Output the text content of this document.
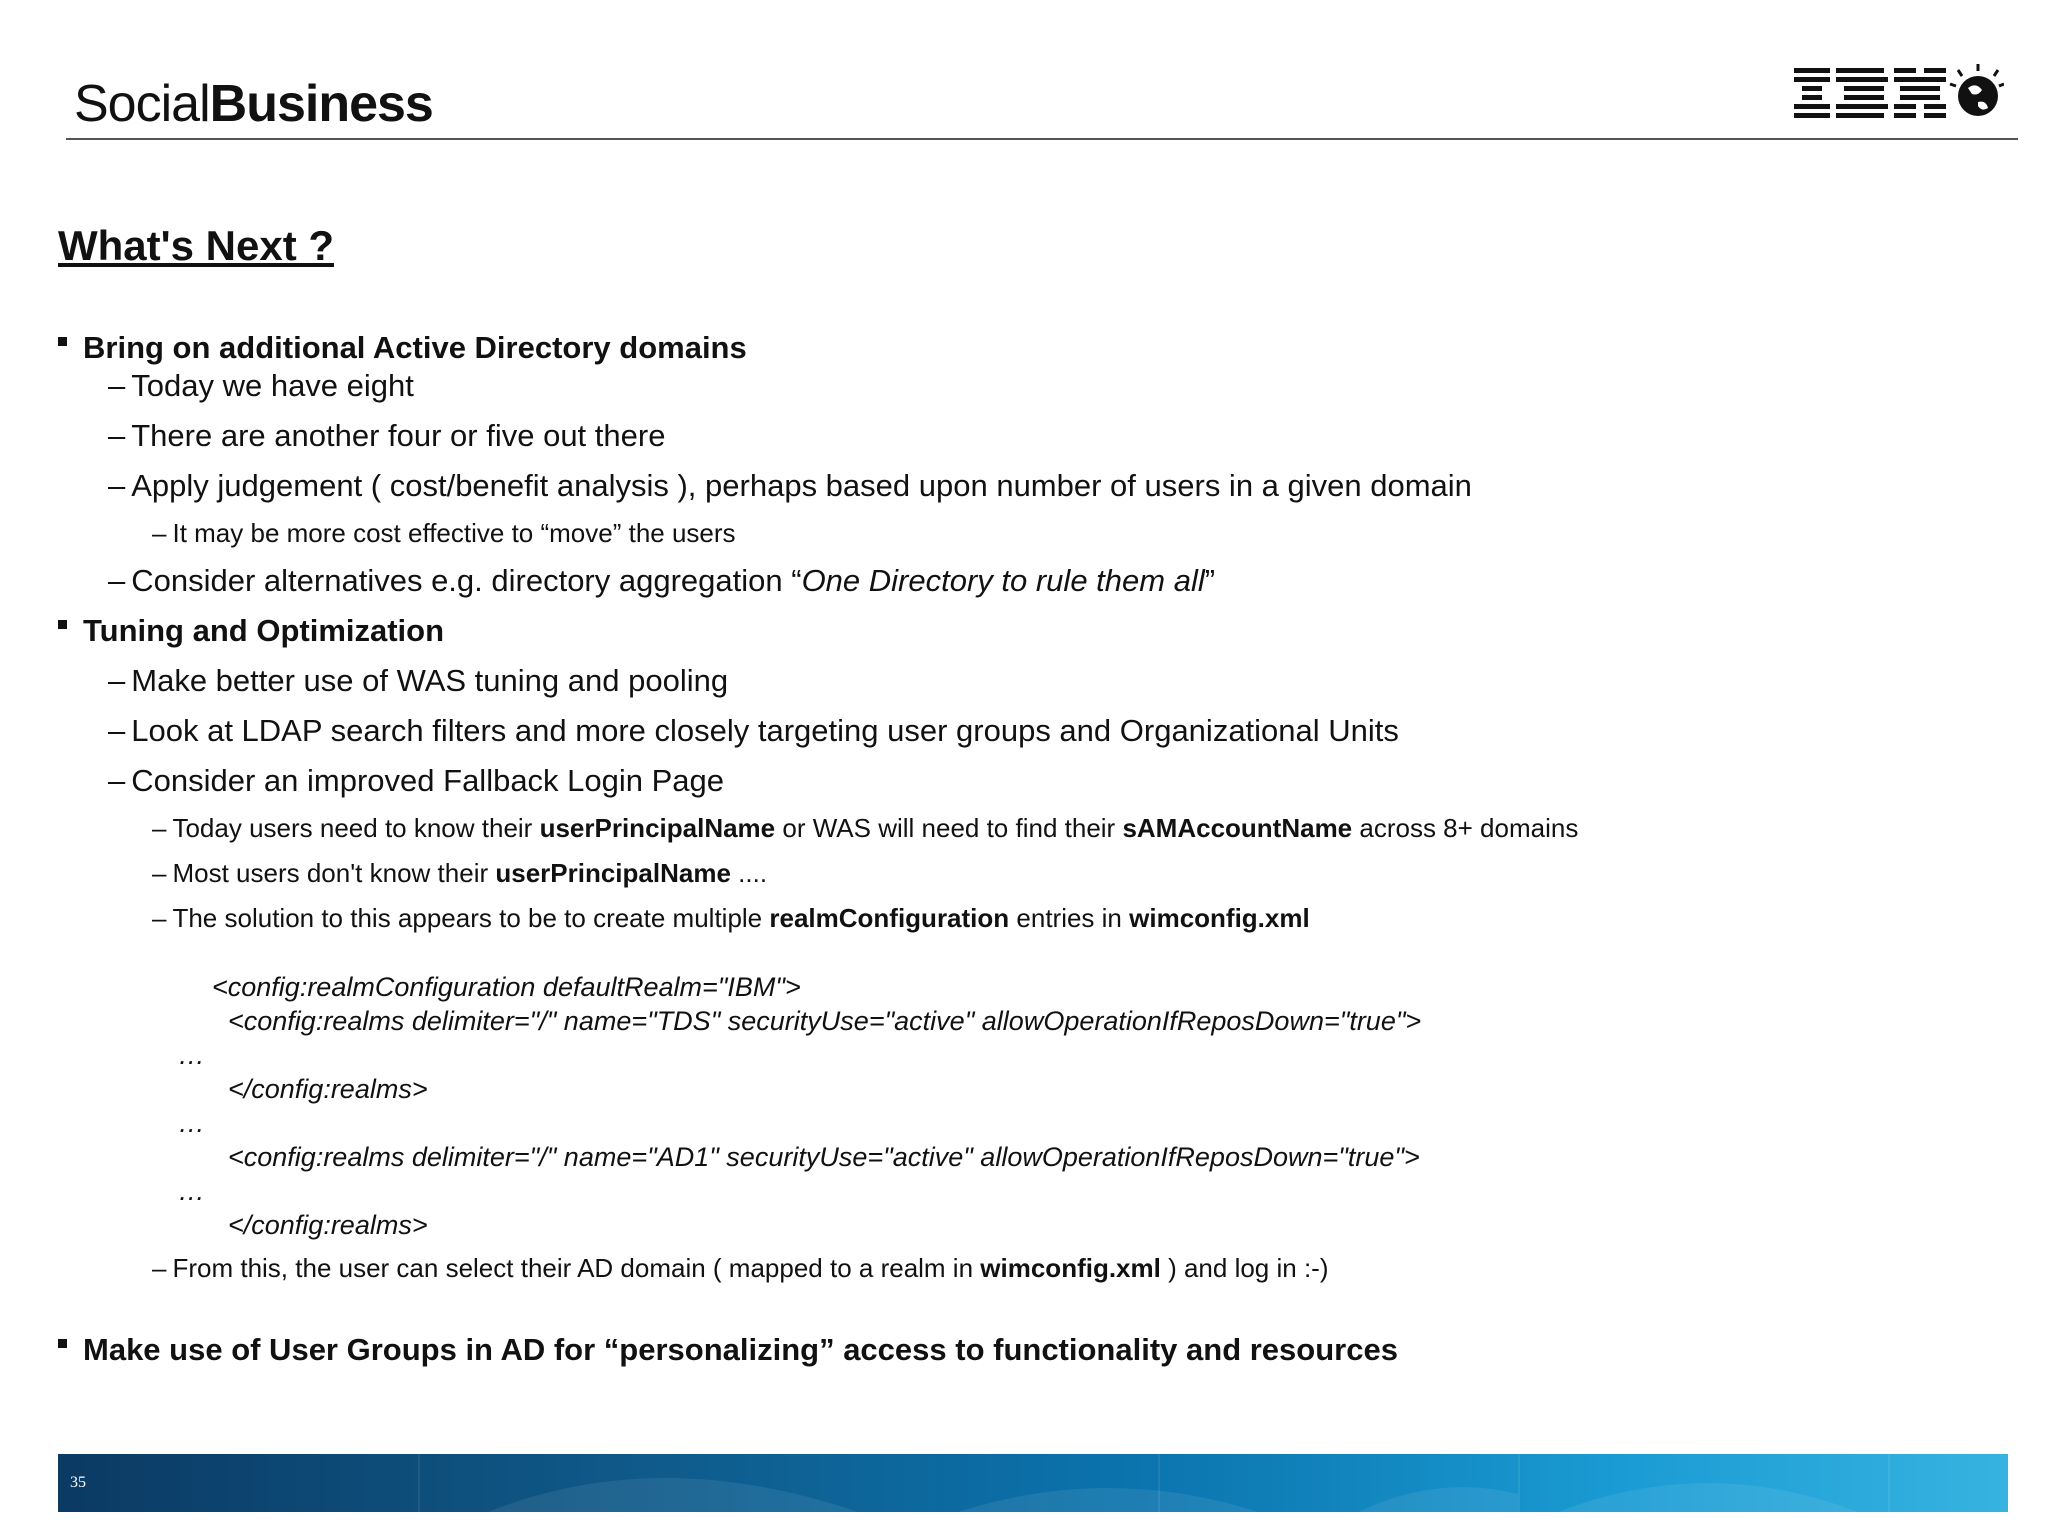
SocialBusiness
What's Next ?
Bring on additional Active Directory domains
– Today we have eight
– There are another four or five out there
– Apply judgement ( cost/benefit analysis ), perhaps based upon number of users in a given domain
– It may be more cost effective to “move” the users
– Consider alternatives e.g. directory aggregation “One Directory to rule them all”
Tuning and Optimization
– Make better use of WAS tuning and pooling
– Look at LDAP search filters and more closely targeting user groups and Organizational Units
– Consider an improved Fallback Login Page
– Today users need to know their userPrincipalName or WAS will need to find their sAMAccountName across 8+ domains
– Most users don't know their userPrincipalName ....
– The solution to this appears to be to create multiple realmConfiguration entries in wimconfig.xml
<config:realmConfiguration defaultRealm="IBM">
<config:realms delimiter="/" name="TDS" securityUse="active" allowOperationIfReposDown="true">
…
</config:realms>
…
<config:realms delimiter="/" name="AD1" securityUse="active" allowOperationIfReposDown="true">
…
</config:realms>
– From this, the user can select their AD domain ( mapped to a realm in wimconfig.xml ) and log in :-)
Make use of User Groups in AD for “personalizing” access to functionality and resources
35
